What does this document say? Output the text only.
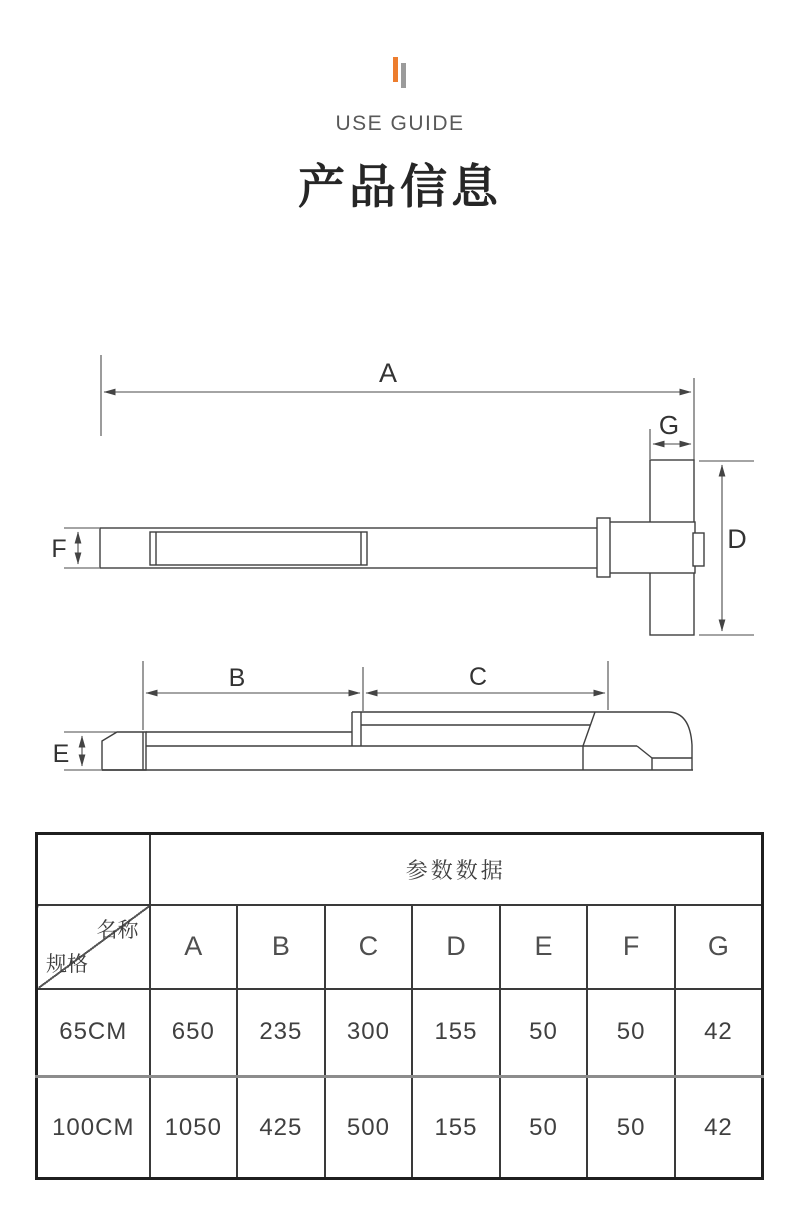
USE GUIDE
产品信息
A
G
D
F
B	C
E
	参数数据						

名称
规格	A	B	C	D	E	F	G
65CM	650	235	300	155	50	50	42
100CM	1050	425	500	155	50	50	42
